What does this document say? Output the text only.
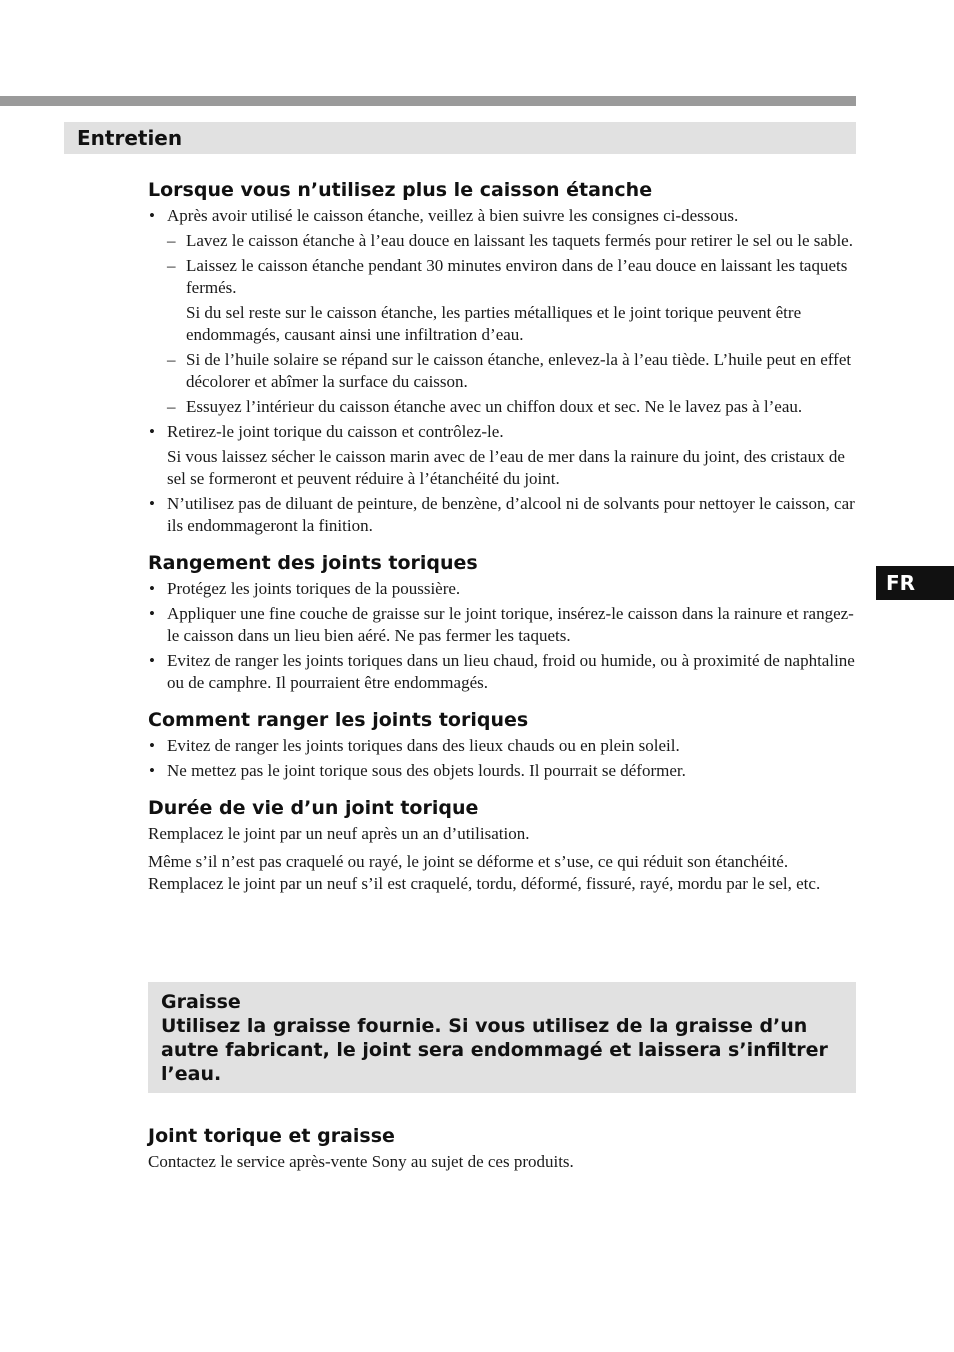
Entretien
FR
Lorsque vous n’utilisez plus le caisson étanche
• Après avoir utilisé le caisson étanche, veillez à bien suivre les consignes ci-dessous.
– Lavez le caisson étanche à l’eau douce en laissant les taquets fermés pour retirer le sel ou le sable.
– Laissez le caisson étanche pendant 30 minutes environ dans de l’eau douce en laissant les taquets fermés.
Si du sel reste sur le caisson étanche, les parties métalliques et le joint torique peuvent être endommagés, causant ainsi une infiltration d’eau.
– Si de l’huile solaire se répand sur le caisson étanche, enlevez-la à l’eau tiède. L’huile peut en effet décolorer et abîmer la surface du caisson.
– Essuyez l’intérieur du caisson étanche avec un chiffon doux et sec. Ne le lavez pas à l’eau.
• Retirez-le joint torique du caisson et contrôlez-le.
Si vous laissez sécher le caisson marin avec de l’eau de mer dans la rainure du joint, des cristaux de sel se formeront et peuvent réduire à l’étanchéité du joint.
• N’utilisez pas de diluant de peinture, de benzène, d’alcool ni de solvants pour nettoyer le caisson, car ils endommageront la finition.
Rangement des joints toriques
• Protégez les joints toriques de la poussière.
• Appliquer une fine couche de graisse sur le joint torique, insérez-le caisson dans la rainure et rangez-le caisson dans un lieu bien aéré. Ne pas fermer les taquets.
• Evitez de ranger les joints toriques dans un lieu chaud, froid ou humide, ou à proximité de naphtaline ou de camphre. Il pourraient être endommagés.
Comment ranger les joints toriques
• Evitez de ranger les joints toriques dans des lieux chauds ou en plein soleil.
• Ne mettez pas le joint torique sous des objets lourds. Il pourrait se déformer.
Durée de vie d’un joint torique

Remplacez le joint par un neuf après un an d’utilisation.

Même s’il n’est pas craquelé ou rayé, le joint se déforme et s’use, ce qui réduit son étanchéité. Remplacez le joint par un neuf s’il est craquelé, tordu, déformé, fissuré, rayé, mordu par le sel, etc.

Graisse
Utilisez la graisse fournie. Si vous utilisez de la graisse d’un autre fabricant, le joint sera endommagé et laissera s’infiltrer l’eau.
Joint torique et graisse

Contactez le service après-vente Sony au sujet de ces produits.
